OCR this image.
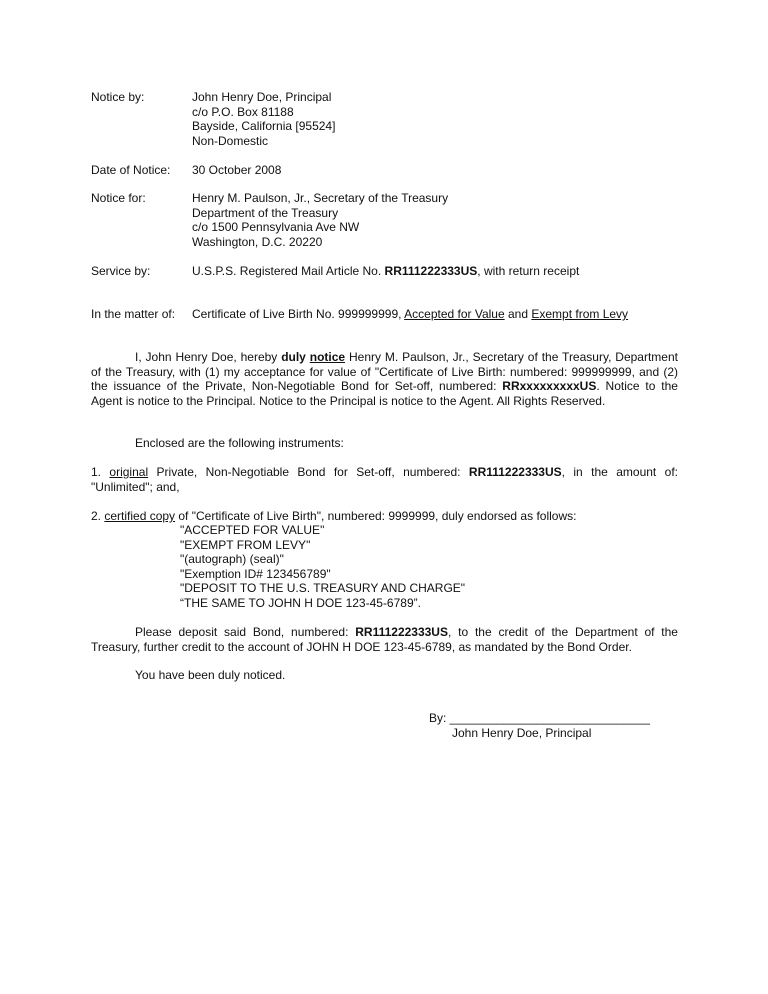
Notice by:	John Henry Doe, Principal
c/o P.O. Box 81188
Bayside, California [95524]
Non-Domestic
Date of Notice: 30 October 2008
Notice for:	Henry M. Paulson, Jr., Secretary of the Treasury
Department of the Treasury
c/o 1500 Pennsylvania Ave NW
Washington, D.C. 20220
Service by:	U.S.P.S. Registered Mail Article No. RR111222333US, with return receipt
In the matter of: Certificate of Live Birth No. 999999999, Accepted for Value and Exempt from Levy
I, John Henry Doe, hereby duly notice Henry M. Paulson, Jr., Secretary of the Treasury, Department of the Treasury, with (1) my acceptance for value of "Certificate of Live Birth: numbered: 999999999, and (2) the issuance of the Private, Non-Negotiable Bond for Set-off, numbered: RRxxxxxxxxxUS. Notice to the Agent is notice to the Principal. Notice to the Principal is notice to the Agent. All Rights Reserved.
Enclosed are the following instruments:
1. original Private, Non-Negotiable Bond for Set-off, numbered: RR111222333US, in the amount of: "Unlimited"; and,
2. certified copy of "Certificate of Live Birth", numbered: 9999999, duly endorsed as follows:
"ACCEPTED FOR VALUE"
"EXEMPT FROM LEVY"
"(autograph) (seal)"
"Exemption ID# 123456789"
"DEPOSIT TO THE U.S. TREASURY AND CHARGE"
“THE SAME TO JOHN H DOE 123-45-6789”.
Please deposit said Bond, numbered: RR111222333US, to the credit of the Department of the Treasury, further credit to the account of JOHN H DOE 123-45-6789, as mandated by the Bond Order.
You have been duly noticed.
By: ______________________________
John Henry Doe, Principal
